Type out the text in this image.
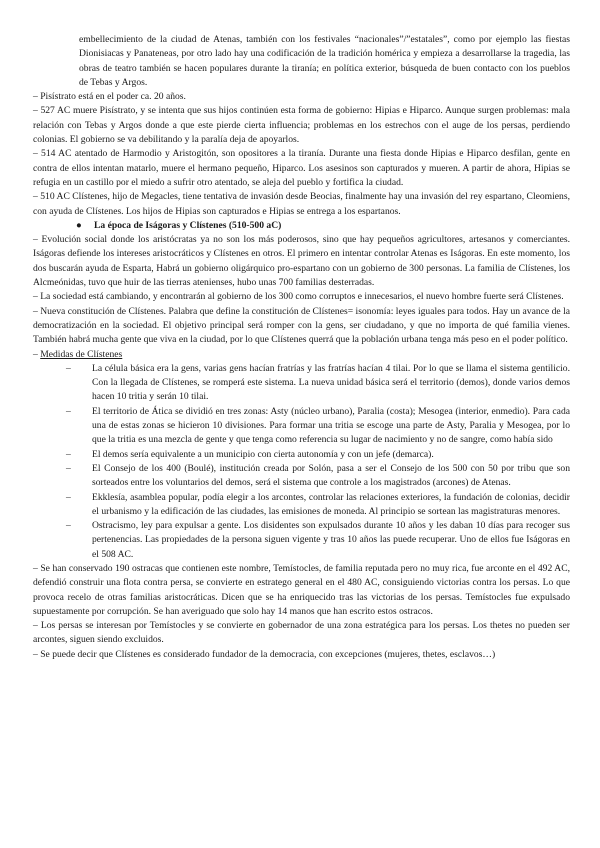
embellecimiento de la ciudad de Atenas, también con los festivales “nacionales”/”estatales”, como por ejemplo las fiestas Dionisiacas y Panateneas, por otro lado hay una codificación de la tradición homérica y empieza a desarrollarse la tragedia, las obras de teatro también se hacen populares durante la tiranía; en política exterior, búsqueda de buen contacto con los pueblos de Tebas y Argos.

– Pisístrato está en el poder ca. 20 años.

– 527 AC muere Pisístrato, y se intenta que sus hijos continúen esta forma de gobierno: Hipias e Hiparco. Aunque surgen problemas: mala relación con Tebas y Argos donde a que este pierde cierta influencia; problemas en los estrechos con el auge de los persas, perdiendo colonias. El gobierno se va debilitando y la paralía deja de apoyarlos.

– 514 AC atentado de Harmodio y Aristogitón, son opositores a la tiranía. Durante una fiesta donde Hipias e Hiparco desfilan, gente en contra de ellos intentan matarlo, muere el hermano pequeño, Hiparco. Los asesinos son capturados y mueren. A partir de ahora, Hipias se refugia en un castillo por el miedo a sufrir otro atentado, se aleja del pueblo y fortifica la ciudad.

– 510 AC Clístenes, hijo de Megacles, tiene tentativa de invasión desde Beocias, finalmente hay una invasión del rey espartano, Cleomiens, con ayuda de Clístenes. Los hijos de Hipias son capturados e Hipias se entrega a los espartanos.

● La época de Iságoras y Clístenes (510-500 aC)

– Evolución social donde los aristócratas ya no son los más poderosos, sino que hay pequeños agricultores, artesanos y comerciantes. Iságoras defiende los intereses aristocráticos y Clístenes en otros. El primero en intentar controlar Atenas es Iságoras. En este momento, los dos buscarán ayuda de Esparta, Habrá un gobierno oligárquico pro-espartano con un gobierno de 300 personas. La familia de Clístenes, los Alcmeónidas, tuvo que huir de las tierras atenienses, hubo unas 700 familias desterradas.

– La sociedad está cambiando, y encontrarán al gobierno de los 300 como corruptos e innecesarios, el nuevo hombre fuerte será Clístenes.

– Nueva constitución de Clístenes. Palabra que define la constitución de Clístenes= isonomía: leyes iguales para todos. Hay un avance de la democratización en la sociedad. El objetivo principal será romper con la gens, ser ciudadano, y que no importa de qué familia vienes. También habrá mucha gente que viva en la ciudad, por lo que Clístenes querrá que la población urbana tenga más peso en el poder político.

– Medidas de Clístenes

– La célula básica era la gens, varias gens hacían fratrías y las fratrías hacían 4 tilai. Por lo que se llama el sistema gentilicio. Con la llegada de Clístenes, se romperá este sistema. La nueva unidad básica será el territorio (demos), donde varios demos hacen 10 tritia y serán 10 tilai.
– El territorio de Ática se dividió en tres zonas: Asty (núcleo urbano), Paralia (costa); Mesogea (interior, enmedio). Para cada una de estas zonas se hicieron 10 divisiones. Para formar una tritia se escoge una parte de Asty, Paralia y Mesogea, por lo que la tritia es una mezcla de gente y que tenga como referencia su lugar de nacimiento y no de sangre, como había sido
– El demos sería equivalente a un municipio con cierta autonomía y con un jefe (demarca).
– El Consejo de los 400 (Boulé), institución creada por Solón, pasa a ser el Consejo de los 500 con 50 por tribu que son sorteados entre los voluntarios del demos, será el sistema que controle a los magistrados (arcones) de Atenas.
– Ekklesía, asamblea popular, podía elegir a los arcontes, controlar las relaciones exteriores, la fundación de colonias, decidir el urbanismo y la edificación de las ciudades, las emisiones de moneda. Al principio se sortean las magistraturas menores.
– Ostracismo, ley para expulsar a gente. Los disidentes son expulsados durante 10 años y les daban 10 días para recoger sus pertenencias. Las propiedades de la persona siguen vigente y tras 10 años las puede recuperar. Uno de ellos fue Iságoras en el 508 AC.

– Se han conservado 190 ostracas que contienen este nombre, Temístocles, de familia reputada pero no muy rica, fue arconte en el 492 AC, defendió construir una flota contra persa, se convierte en estratego general en el 480 AC, consiguiendo victorias contra los persas. Lo que provoca recelo de otras familias aristocráticas. Dicen que se ha enriquecido tras las victorias de los persas. Temístocles fue expulsado supuestamente por corrupción. Se han averiguado que solo hay 14 manos que han escrito estos ostracos.

– Los persas se interesan por Temístocles y se convierte en gobernador de una zona estratégica para los persas. Los thetes no pueden ser arcontes, siguen siendo excluidos.

– Se puede decir que Clístenes es considerado fundador de la democracia, con excepciones (mujeres, thetes, esclavos…)
